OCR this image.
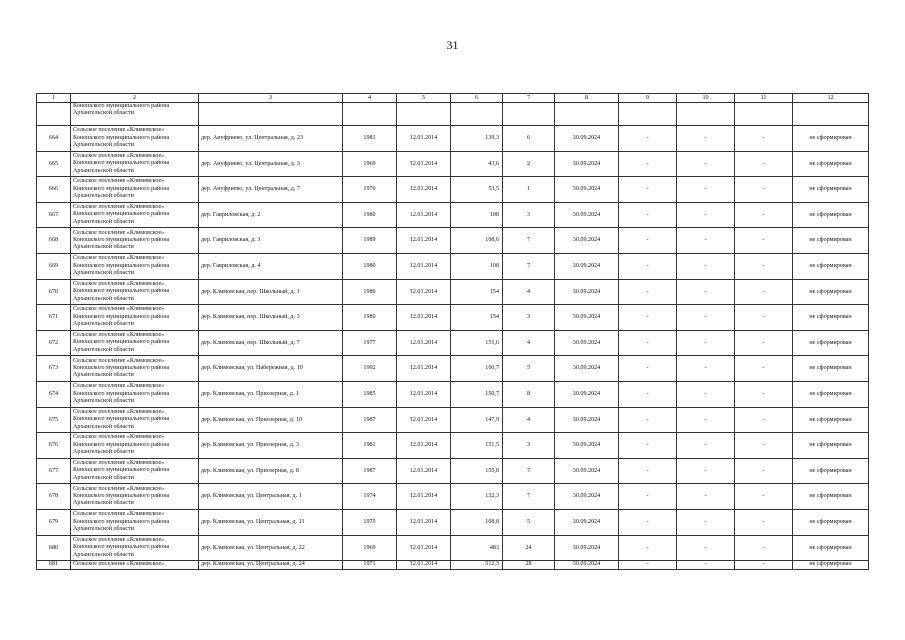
31
1	2	3	4	5	6	7	8	9	10	11	12
	Коношского муниципального района Архангельской области										
664	Сельское поселение «Климовское» Коношского муниципального района Архангельской области	дер. Ануфриево, ул. Центральная, д. 23	1981	12.01.2014	139,3	6	30.09.2024	-	-	-	не сформирован
665	Сельское поселение «Климовское» Коношского муниципального района Архангельской области	дер. Ануфриево, ул. Центральная, д. 3	1969	12.01.2014	43,6	2	30.09.2024	-	-	-	не сформирован
666	Сельское поселение «Климовское» Коношского муниципального района Архангельской области	дер. Ануфриево, ул. Центральная, д. 7	1970	12.01.2014	53,5	1	30.09.2024	-	-	-	не сформирован
667	Сельское поселение «Климовское» Коношского муниципального района Архангельской области	дер. Гавриловская, д. 2	1980	12.01.2014	108	3	30.09.2024	-	-	-	не сформирован
668	Сельское поселение «Климовское» Коношского муниципального района Архангельской области	дер. Гавриловская, д. 3	1989	12.01.2014	108,6	7	30.09.2024	-	-	-	не сформирован
669	Сельское поселение «Климовское» Коношского муниципального района Архангельской области	дер. Гавриловская, д. 4	1980	12.01.2014	108	7	30.09.2024	-	-	-	не сформирован
670	Сельское поселение «Климовское» Коношского муниципального района Архангельской области	дер. Климовская, пер. Школьный, д. 1	1980	12.01.2014	154	4	30.09.2024	-	-	-	не сформирован
671	Сельское поселение «Климовское» Коношского муниципального района Архангельской области	дер. Климовская, пер. Школьный, д. 3	1980	12.01.2014	154	3	30.09.2024	-	-	-	не сформирован
672	Сельское поселение «Климовское» Коношского муниципального района Архангельской области	дер. Климовская, пер. Школьный, д. 7	1977	12.01.2014	151,6	4	30.09.2024	-	-	-	не сформирован
673	Сельское поселение «Климовское» Коношского муниципального района Архангельской области	дер. Климовская, ул. Набережная, д. 10	1992	12.01.2014	100,7	5	30.09.2024	-	-	-	не сформирован
674	Сельское поселение «Климовское» Коношского муниципального района Архангельской области	дер. Климовская, ул. Приозерная, д. 1	1985	12.01.2014	150,7	8	30.09.2024	-	-	-	не сформирован
675	Сельское поселение «Климовское» Коношского муниципального района Архангельской области	дер. Климовская, ул. Приозерная, д. 10	1987	12.01.2014	147,9	4	30.09.2024	-	-	-	не сформирован
676	Сельское поселение «Климовское» Коношского муниципального района Архангельской области	дер. Климовская, ул. Приозерная, д. 3	1981	12.01.2014	151,5	3	30.09.2024	-	-	-	не сформирован
677	Сельское поселение «Климовское» Коношского муниципального района Архангельской области	дер. Климовская, ул. Приозерная, д. 8	1987	12.01.2014	155,8	7	30.09.2024	-	-	-	не сформирован
678	Сельское поселение «Климовское» Коношского муниципального района Архангельской области	дер. Климовская, ул. Центральная, д. 1	1974	12.01.2014	132,3	7	30.09.2024	-	-	-	не сформирован
679	Сельское поселение «Климовское» Коношского муниципального района Архангельской области	дер. Климовская, ул. Центральная, д. 11	1975	12.01.2014	108,8	5	30.09.2024	-	-	-	не сформирован
680	Сельское поселение «Климовское» Коношского муниципального района Архангельской области	дер. Климовская, ул. Центральная, д. 22	1969	12.01.2014	483	24	30.09.2024	-	-	-	не сформирован
681	Сельское поселение «Климовское»	дер. Климовская, ул. Центральная, д. 24	1971	12.01.2014	512,3	28	30.09.2024	-	-	-	не сформирован
